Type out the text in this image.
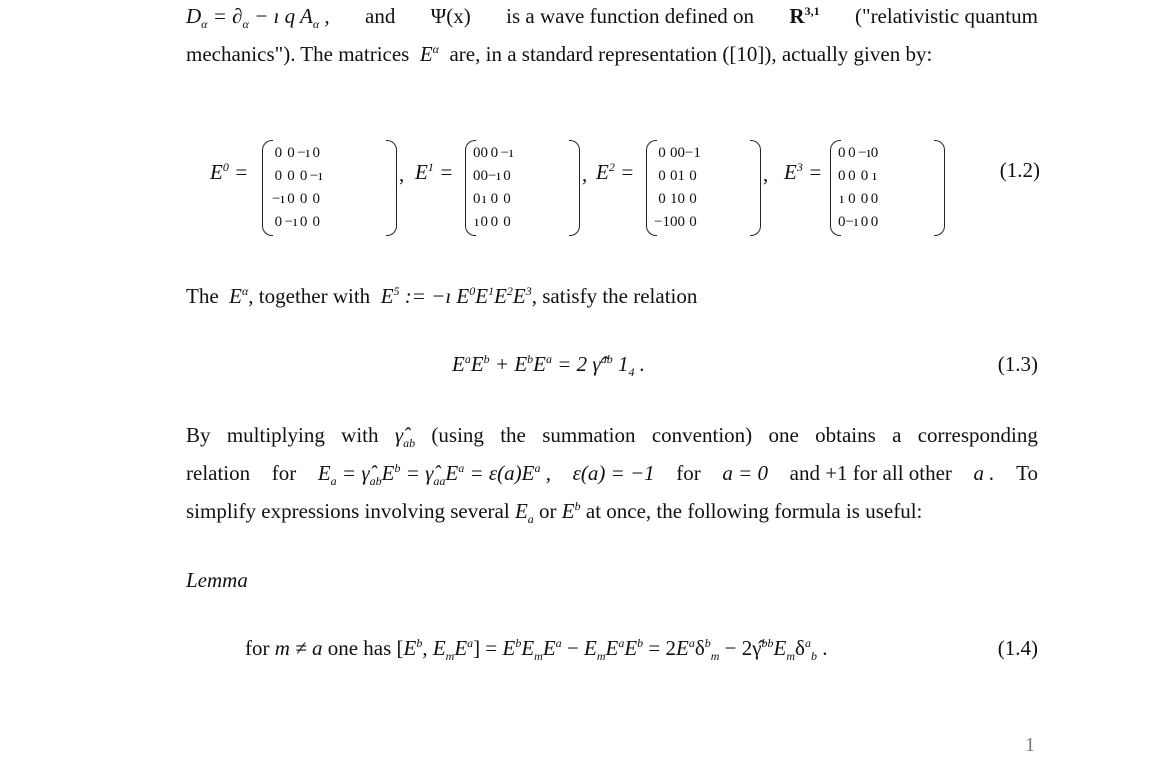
$D_\alpha = \partial_\alpha$ − ı q $A_\alpha$ , and Ψ(x) is a wave function defined on R$^{3,1}$ ("relativistic quantum
mechanics"). The matrices  $E^\alpha$ are, in a standard representation ([10]), actually given by:
$E^0$ =
0	0	−ı	0
0	0	0	−ı
−ı	0	0	0
0	−ı	0	0
, $E^1$ =
0	0	0	−ı
0	0	−ı	0
0	ı	0	0
ı	0	0	0
, $E^2$ =
0	0	0	−1
0	0	1	0
0	1	0	0
−1	0	0	0
, $E^3$ =
0	0	−ı	0
0	0	0	ı
ı	0	0	0
0	−ı	0	0
(1.2)
The  $E^\alpha$, together with  $E^5$ := −ı $E^0E^1E^2E^3$, satisfy the relation
$E^aE^b + E^bE^a = 2$ γ̂$^{ab}$ $1_4$ .	(1.3)
By multiplying with $\gammâ_{ab}$ (using the summation convention) one obtains a corresponding
relation for $E_a$ = $\gammâ_{ab}E^b$ = $\gammâ_{aa}E^a = \varepsilon(a)E^a$ , ε(a) = −1 for a = 0 and +1 for all other a . To
simplify expressions involving several $E_a$ or $E^b$ at once, the following formula is useful:
Lemma
for m ≠ a one has [$E^b$, $E_mE^a] = E^bE_mE^a - E_mE^aE^b = 2E^a\delta^b_m$ − $2\gammâ^{bb}E_m\delta^a_b$ .	(1.4)
1
